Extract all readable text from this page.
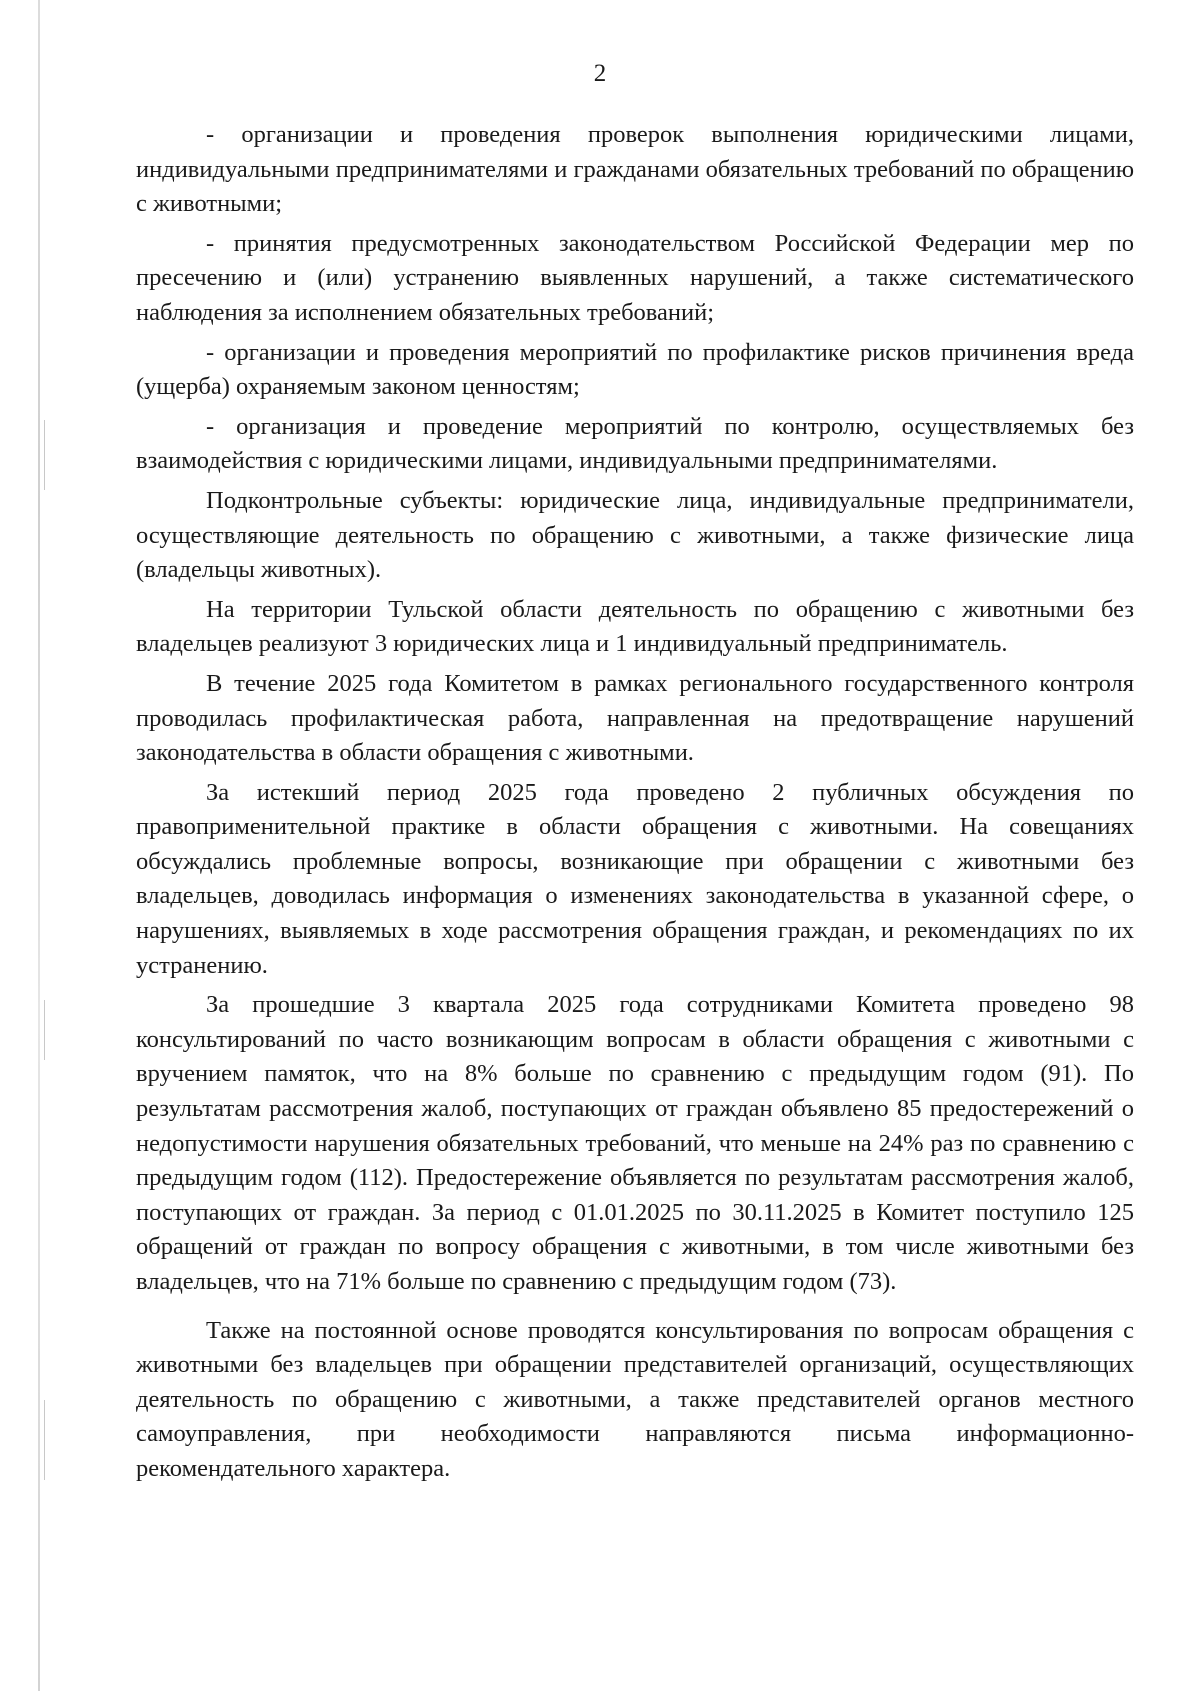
2

- организации и проведения проверок выполнения юридическими лицами, индивидуальными предпринимателями и гражданами обязательных требований по обращению с животными;

- принятия предусмотренных законодательством Российской Федерации мер по пресечению и (или) устранению выявленных нарушений, а также систематического наблюдения за исполнением обязательных требований;

- организации и проведения мероприятий по профилактике рисков причинения вреда (ущерба) охраняемым законом ценностям;

- организация и проведение мероприятий по контролю, осуществляемых без взаимодействия с юридическими лицами, индивидуальными предпринимателями.

Подконтрольные субъекты: юридические лица, индивидуальные предприниматели, осуществляющие деятельность по обращению с животными, а также физические лица (владельцы животных).

На территории Тульской области деятельность по обращению с животными без владельцев реализуют 3 юридических лица и 1 индивидуальный предприниматель.

В течение 2025 года Комитетом в рамках регионального государственного контроля проводилась профилактическая работа, направленная на предотвращение нарушений законодательства в области обращения с животными.

За истекший период 2025 года проведено 2 публичных обсуждения по правоприменительной практике в области обращения с животными. На совещаниях обсуждались проблемные вопросы, возникающие при обращении с животными без владельцев, доводилась информация о изменениях законодательства в указанной сфере, о нарушениях, выявляемых в ходе рассмотрения обращения граждан, и рекомендациях по их устранению.

За прошедшие 3 квартала 2025 года сотрудниками Комитета проведено 98 консультирований по часто возникающим вопросам в области обращения с животными с вручением памяток, что на 8% больше по сравнению с предыдущим годом (91). По результатам рассмотрения жалоб, поступающих от граждан объявлено 85 предостережений о недопустимости нарушения обязательных требований, что меньше на 24% раз по сравнению с предыдущим годом (112). Предостережение объявляется по результатам рассмотрения жалоб, поступающих от граждан. За период с 01.01.2025 по 30.11.2025 в Комитет поступило 125 обращений от граждан по вопросу обращения с животными, в том числе животными без владельцев, что на 71% больше по сравнению с предыдущим годом (73).

Также на постоянной основе проводятся консультирования по вопросам обращения с животными без владельцев при обращении представителей организаций, осуществляющих деятельность по обращению с животными, а также представителей органов местного самоуправления, при необходимости направляются письма информационно-рекомендательного характера.
